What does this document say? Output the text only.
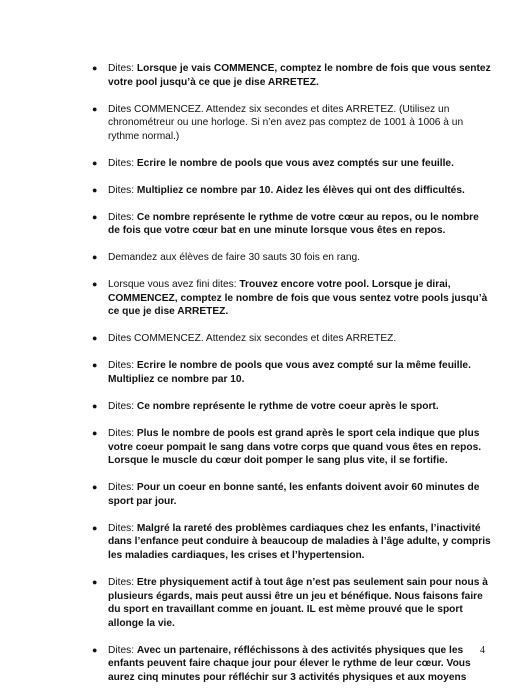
●	Dites: Lorsque je vais COMMENCE, comptez le nombre de fois que vous sentez votre pool jusqu’à ce que je dise ARRETEZ.
●	Dites COMMENCEZ. Attendez six secondes et dites ARRETEZ. (Utilisez un chronométreur ou une horloge. Si n’en avez pas comptez de 1001 à 1006 à un rythme normal.)
●	Dites: Ecrire le nombre de pools que vous avez comptés sur une feuille.
●	Dites: Multipliez ce nombre par 10. Aidez les élèves qui ont des difficultés.
●	Dites: Ce nombre représente le rythme de votre cœur au repos, ou le nombre de fois que votre cœur bat en une minute lorsque vous êtes en repos.
●	Demandez aux élèves de faire 30 sauts 30 fois en rang.
●	Lorsque vous avez fini dites: Trouvez encore votre pool. Lorsque je dirai, COMMENCEZ, comptez le nombre de fois que vous sentez votre pools jusqu’à ce que je dise ARRETEZ.
●	Dites COMMENCEZ. Attendez six secondes et dites ARRETEZ.
●	Dites: Ecrire le nombre de pools que vous avez compté sur la même feuille. Multipliez ce nombre par 10.
●	Dites: Ce nombre représente le rythme de votre coeur après le sport.
●	Dites: Plus le nombre de pools est grand après le sport cela indique que plus votre coeur pompait le sang dans votre corps que quand vous êtes en repos. Lorsque le muscle du cœur doit pomper le sang plus vite, il se fortifie.
●	Dites: Pour un coeur en bonne santé, les enfants doivent avoir 60 minutes de sport par jour.
●	Dites: Malgré la rareté des problèmes cardiaques chez les enfants, l’inactivité dans l’enfance peut conduire à beaucoup de maladies à l’âge adulte, y compris les maladies cardiaques, les crises et l’hypertension.
●	Dites: Etre physiquement actif à tout âge n’est pas seulement sain pour nous à plusieurs égards, mais peut aussi être un jeu et bénéfique. Nous faisons faire du sport en travaillant comme en jouant. IL est mème prouvé que le sport allonge la vie.
●	Dites: Avec un partenaire, réfléchissons à des activités physiques que les enfants peuvent faire chaque jour pour élever le rythme de leur cœur. Vous aurez cinq minutes pour réfléchir sur 3 activités physiques et aux moyens
4
